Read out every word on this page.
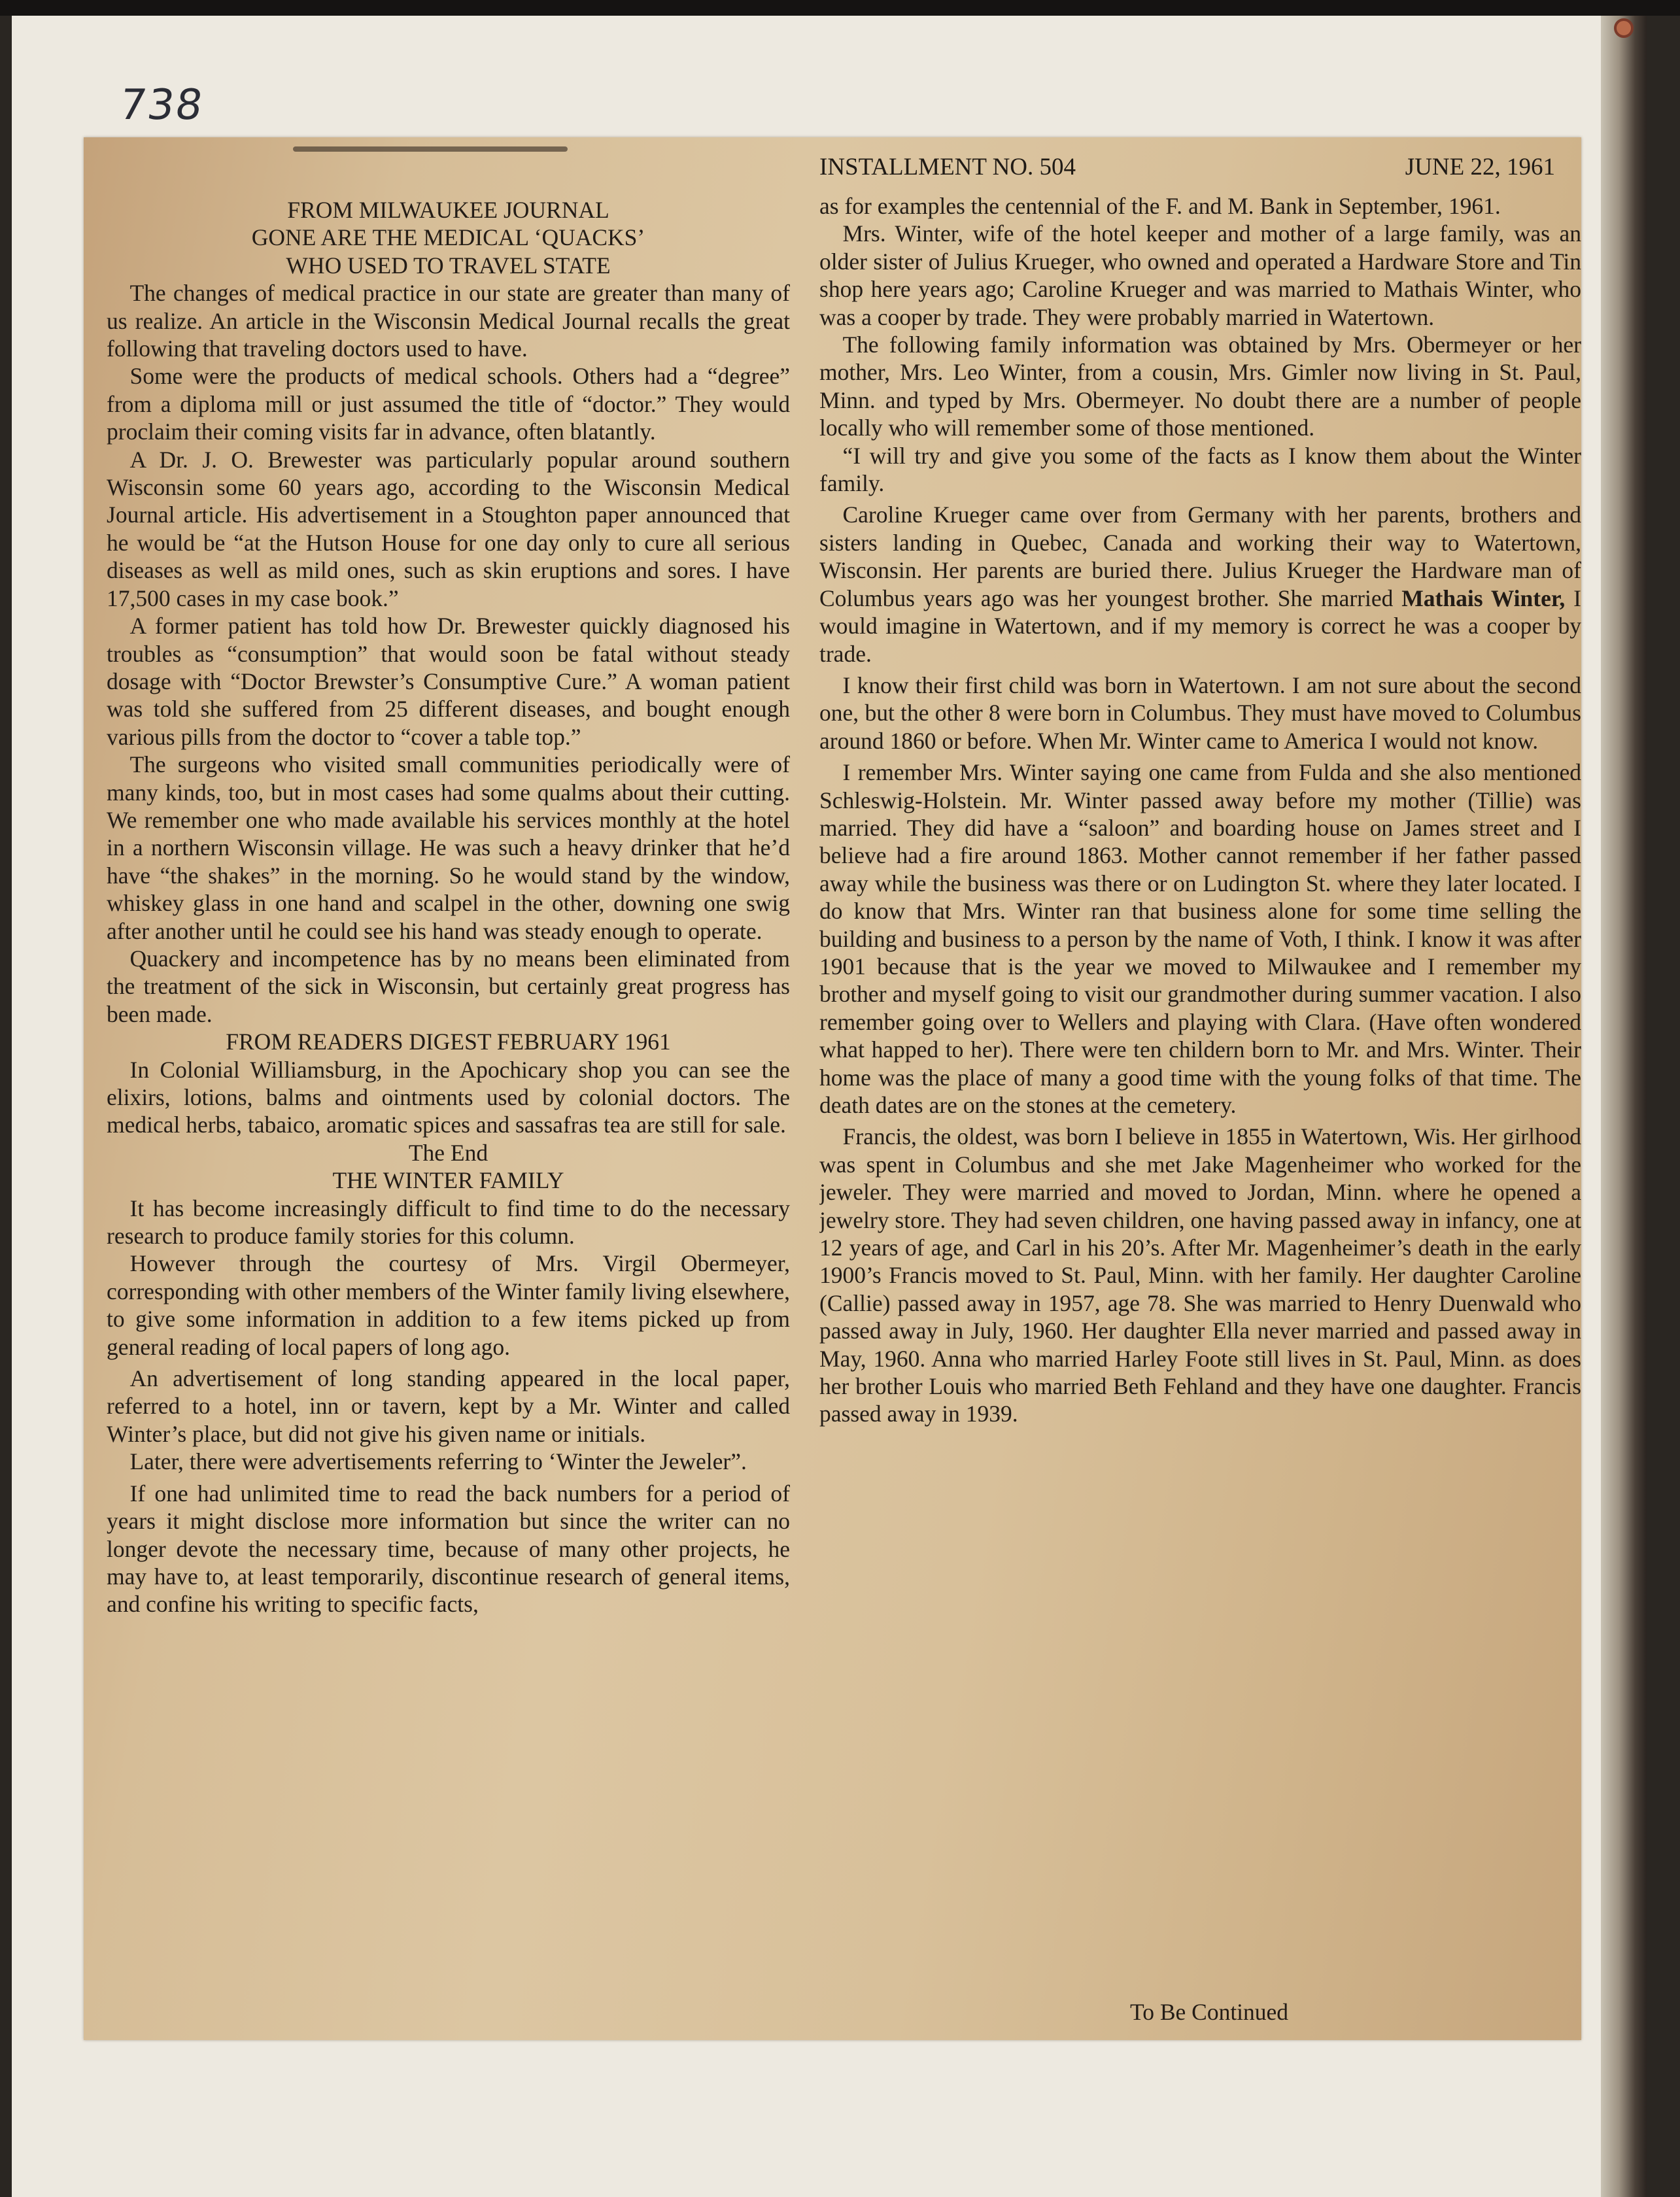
738
INSTALLMENT NO. 504	JUNE 22, 1961
FROM MILWAUKEE JOURNAL
GONE ARE THE MEDICAL ‘QUACKS’
WHO USED TO TRAVEL STATE

The changes of medical practice in our state are greater than many of us realize. An article in the Wisconsin Medical Journal recalls the great following that traveling doctors used to have.

Some were the products of medical schools. Others had a “degree” from a diploma mill or just assumed the title of “doctor.” They would proclaim their coming visits far in advance, often blatantly.

A Dr. J. O. Brewester was particularly popular around southern Wisconsin some 60 years ago, according to the Wisconsin Medical Journal article. His advertisement in a Stoughton paper announced that he would be “at the Hutson House for one day only to cure all serious diseases as well as mild ones, such as skin eruptions and sores. I have 17,500 cases in my case book.”

A former patient has told how Dr. Brewester quickly diagnosed his troubles as “consumption” that would soon be fatal without steady dosage with “Doctor Brewster’s Consumptive Cure.” A woman patient was told she suffered from 25 different diseases, and bought enough various pills from the doctor to “cover a table top.”

The surgeons who visited small communities periodically were of many kinds, too, but in most cases had some qualms about their cutting. We remember one who made available his services monthly at the hotel in a northern Wisconsin village. He was such a heavy drinker that he’d have “the shakes” in the morning. So he would stand by the window, whiskey glass in one hand and scalpel in the other, downing one swig after another until he could see his hand was steady enough to operate.

Quackery and incompetence has by no means been eliminated from the treatment of the sick in Wisconsin, but certainly great progress has been made.

FROM READERS DIGEST FEBRUARY 1961

In Colonial Williamsburg, in the Apochicary shop you can see the elixirs, lotions, balms and ointments used by colonial doctors. The medical herbs, tabaico, aromatic spices and sassafras tea are still for sale.

The End
THE WINTER FAMILY

It has become increasingly difficult to find time to do the necessary research to produce family stories for this column.

However through the courtesy of Mrs. Virgil Obermeyer, corresponding with other members of the Winter family living elsewhere, to give some information in addition to a few items picked up from general reading of local papers of long ago.

An advertisement of long standing appeared in the local paper, referred to a hotel, inn or tavern, kept by a Mr. Winter and called Winter’s place, but did not give his given name or initials.

Later, there were advertisements referring to ‘Winter the Jeweler”.

If one had unlimited time to read the back numbers for a period of years it might disclose more information but since the writer can no longer devote the necessary time, because of many other projects, he may have to, at least temporarily, discontinue research of general items, and confine his writing to specific facts,

as for examples the centennial of the F. and M. Bank in September, 1961.

Mrs. Winter, wife of the hotel keeper and mother of a large family, was an older sister of Julius Krueger, who owned and operated a Hardware Store and Tin shop here years ago; Caroline Krueger and was married to Mathais Winter, who was a cooper by trade. They were probably married in Watertown.

The following family information was obtained by Mrs. Obermeyer or her mother, Mrs. Leo Winter, from a cousin, Mrs. Gimler now living in St. Paul, Minn. and typed by Mrs. Obermeyer. No doubt there are a number of people locally who will remember some of those mentioned.

“I will try and give you some of the facts as I know them about the Winter family.

Caroline Krueger came over from Germany with her parents, brothers and sisters landing in Quebec, Canada and working their way to Watertown, Wisconsin. Her parents are buried there. Julius Krueger the Hardware man of Columbus years ago was her youngest brother. She married Mathais Winter, I would imagine in Watertown, and if my memory is correct he was a cooper by trade.

I know their first child was born in Watertown. I am not sure about the second one, but the other 8 were born in Columbus. They must have moved to Columbus around 1860 or before. When Mr. Winter came to America I would not know.

I remember Mrs. Winter saying one came from Fulda and she also mentioned Schleswig-Holstein. Mr. Winter passed away before my mother (Tillie) was married. They did have a “saloon” and boarding house on James street and I believe had a fire around 1863. Mother cannot remember if her father passed away while the business was there or on Ludington St. where they later located. I do know that Mrs. Winter ran that business alone for some time selling the building and business to a person by the name of Voth, I think. I know it was after 1901 because that is the year we moved to Milwaukee and I remember my brother and myself going to visit our grandmother during summer vacation. I also remember going over to Wellers and playing with Clara. (Have often wondered what happed to her). There were ten childern born to Mr. and Mrs. Winter. Their home was the place of many a good time with the young folks of that time. The death dates are on the stones at the cemetery.

Francis, the oldest, was born I believe in 1855 in Watertown, Wis. Her girlhood was spent in Columbus and she met Jake Magenheimer who worked for the jeweler. They were married and moved to Jordan, Minn. where he opened a jewelry store. They had seven children, one having passed away in infancy, one at 12 years of age, and Carl in his 20’s. After Mr. Magenheimer’s death in the early 1900’s Francis moved to St. Paul, Minn. with her family. Her daughter Caroline (Callie) passed away in 1957, age 78. She was married to Henry Duenwald who passed away in July, 1960. Her daughter Ella never married and passed away in May, 1960. Anna who married Harley Foote still lives in St. Paul, Minn. as does her brother Louis who married Beth Fehland and they have one daughter. Francis passed away in 1939.

To Be Continued
